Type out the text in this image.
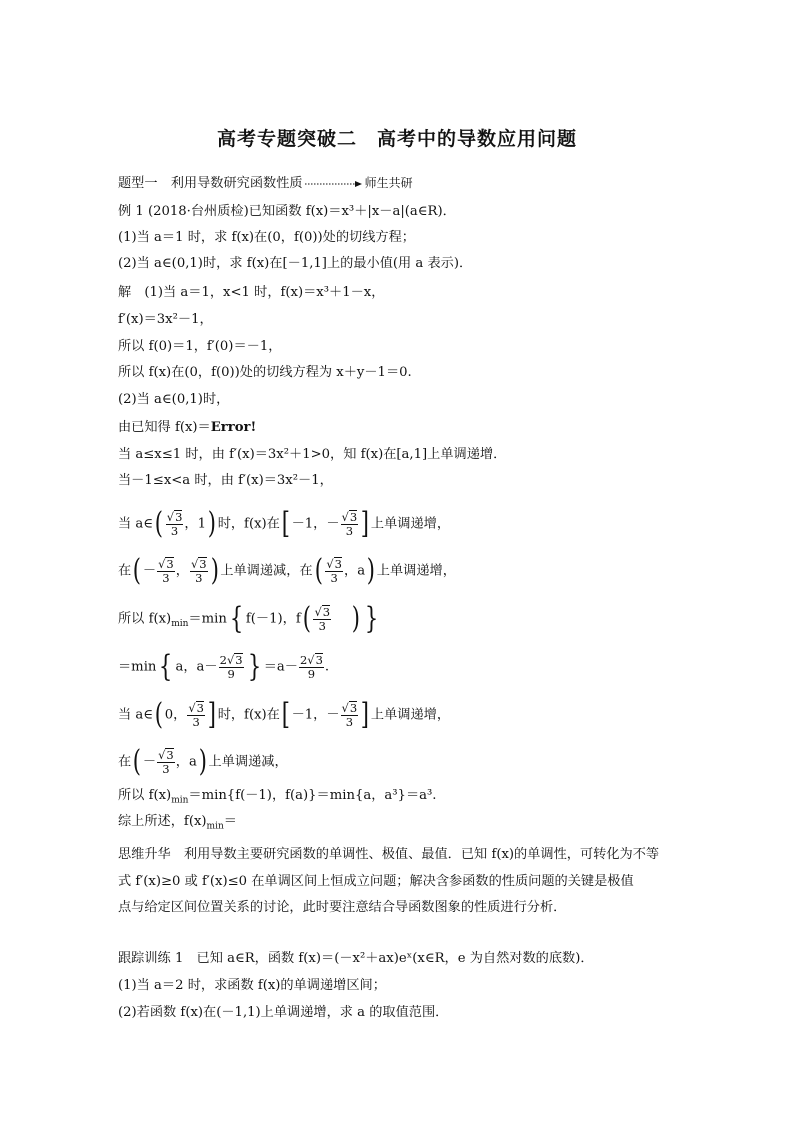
高考专题突破二　高考中的导数应用问题
题型一　利用导数研究函数性质	师生共研
例 1 (2018·台州质检)已知函数 f(x)＝x³＋|x－a|(a∈R)．
(1)当 a＝1 时，求 f(x)在(0，f(0))处的切线方程；
(2)当 a∈(0,1)时，求 f(x)在[－1,1]上的最小值(用 a 表示)．
解　(1)当 a＝1，x<1 时，f(x)＝x³＋1－x，
f′(x)＝3x²－1，
所以 f(0)＝1，f′(0)＝－1，
所以 f(x)在(0，f(0))处的切线方程为 x＋y－1＝0.
(2)当 a∈(0,1)时，
由已知得 f(x)＝Error!
当 a≤x≤1 时，由 f′(x)＝3x²＋1>0，知 f(x)在[a,1]上单调递增．
当－1≤x<a 时，由 f′(x)＝3x²－1，
当 a∈( $\frac{√3}{3}$ ，1) 时，f(x)在[ －1，－ $\frac{√3}{3}$ ] 上单调递增，
在( － $\frac{√3}{3}$ ， $\frac{√3}{3}$ ) 上单调递减，在( $\frac{√3}{3}$ ，a) 上单调递增，
所以 $f(x)_{min}=\min${ f(－1)，$f( \frac{√3}{3}$ ) }
＝min{ a，$a- \frac{2√3}{9}$ } $=a- \frac{2√3}{9}$ .
当 a∈( 0， $\frac{√3}{3}$ ] 时，f(x)在[ －1，－ $\frac{√3}{3}$ ] 上单调递增，
在( － $\frac{√3}{3}$ ，a) 上单调递减，
所以 $f(x)_{min}=\min\{f(-1)$，f(a)}＝min{a，a³}＝a³.
综上所述，$f(x)_{min}=$
思维升华　利用导数主要研究函数的单调性、极值、最值．已知 f(x)的单调性，可转化为不等
式 f′(x)≥0 或 f′(x)≤0 在单调区间上恒成立问题；解决含参函数的性质问题的关键是极值
点与给定区间位置关系的讨论，此时要注意结合导函数图象的性质进行分析．
跟踪训练 1　已知 a∈R，函数 f(x)＝(－x²＋ax)eˣ(x∈R，e 为自然对数的底数)．
(1)当 a＝2 时，求函数 f(x)的单调递增区间；
(2)若函数 f(x)在(－1,1)上单调递增，求 a 的取值范围．
